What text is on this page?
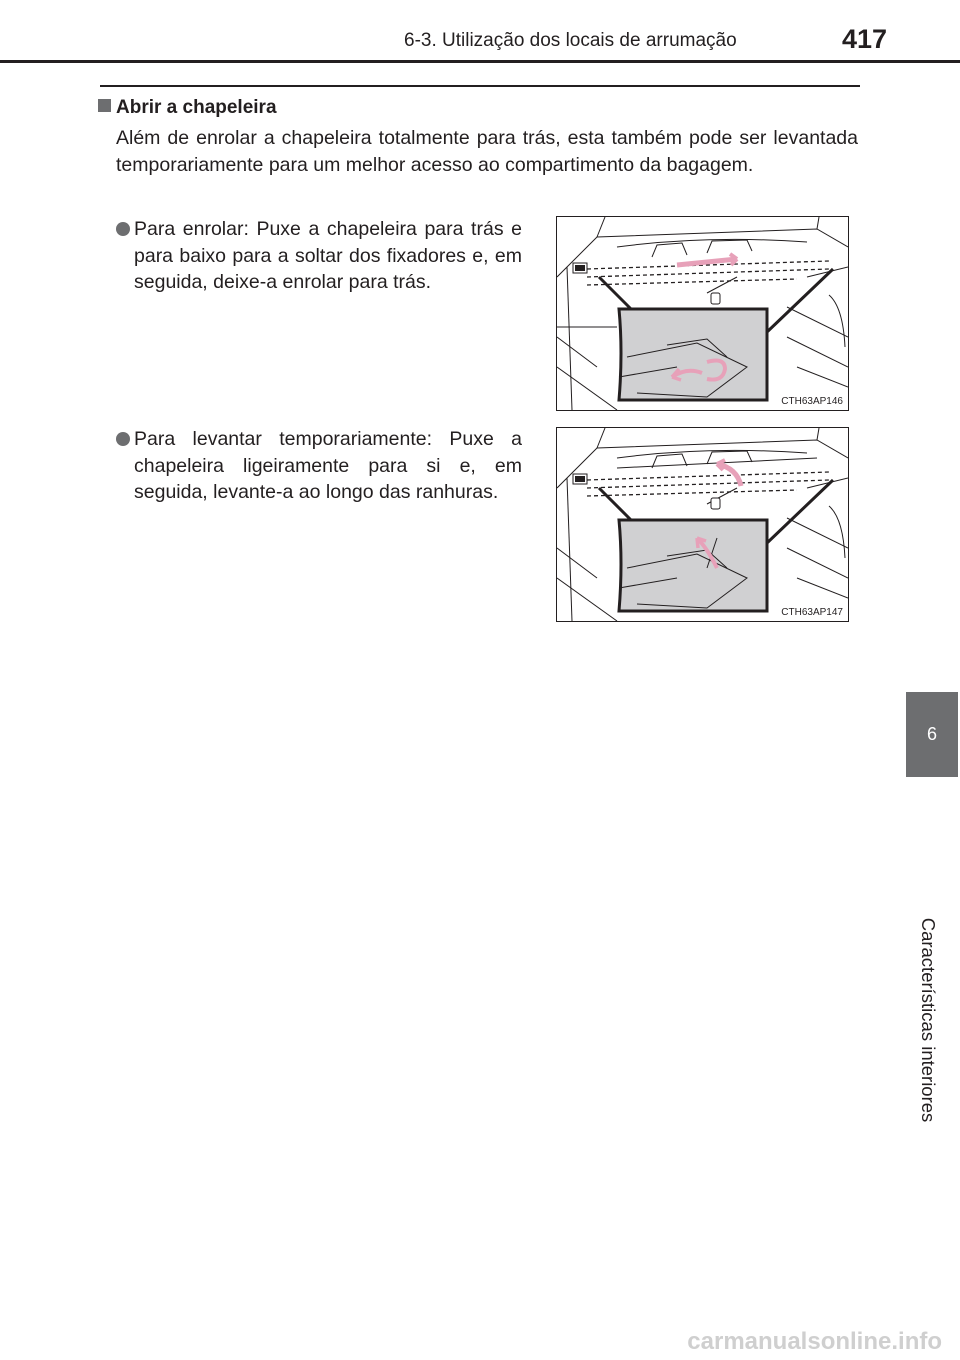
6-3. Utilização dos locais de arrumação	417
Abrir a chapeleira
Além de enrolar a chapeleira totalmente para trás, esta também pode ser levantada temporariamente para um melhor acesso ao compartimento da bagagem.
Para enrolar: Puxe a chapeleira para trás e para baixo para a soltar dos fixadores e, em seguida, deixe-a enrolar para trás.
CTH63AP146
Para levantar temporariamente: Puxe a chapeleira ligeiramente para si e, em seguida, levante-a ao longo das ranhuras.
CTH63AP147
6
Características interiores
carmanualsonline.info
